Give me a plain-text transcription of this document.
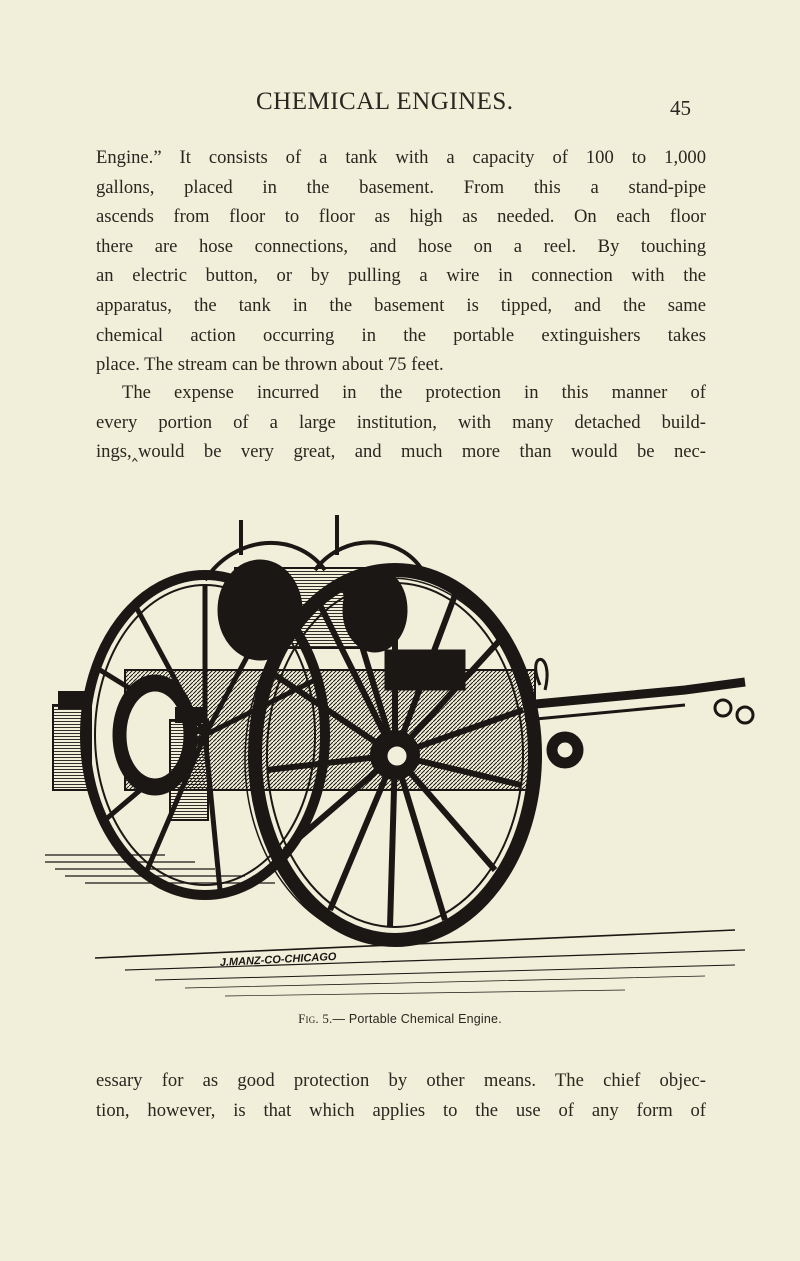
CHEMICAL ENGINES.	45

Engine.” It consists of a tank with a capacity of 100 to 1,000
gallons, placed in the basement. From this a stand-pipe
ascends from floor to floor as high as needed. On each floor
there are hose connections, and hose on a reel. By touching
an electric button, or by pulling a wire in connection with the
apparatus, the tank in the basement is tipped, and the same
chemical action occurring in the portable extinguishers takes
place. The stream can be thrown about 75 feet.

The expense incurred in the protection in this manner of
every portion of a large institution, with many detached build-
ings,‸would be very great, and much more than would be nec-

J.MANZ-CO-CHICAGO
Fig. 5.— Portable Chemical Engine.

essary for as good protection by other means. The chief objec-
tion, however, is that which applies to the use of any form of
